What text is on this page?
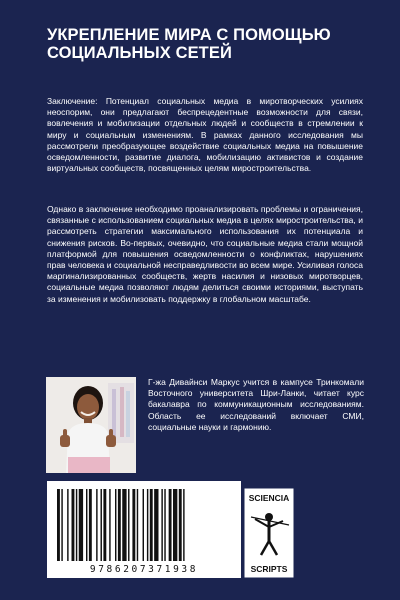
УКРЕПЛЕНИЕ МИРА С ПОМОЩЬЮ СОЦИАЛЬНЫХ СЕТЕЙ

Заключение: Потенциал социальных медиа в миротворческих усилиях неоспорим, они предлагают беспрецедентные возможности для связи, вовлечения и мобилизации отдельных людей и сообществ в стремлении к миру и социальным изменениям. В рамках данного исследования мы рассмотрели преобразующее воздействие социальных медиа на повышение осведомленности, развитие диалога, мобилизацию активистов и создание виртуальных сообществ, посвященных целям миростроительства.

Однако в заключение необходимо проанализировать проблемы и ограничения, связанные с использованием социальных медиа в целях миростроительства, и рассмотреть стратегии максимального использования их потенциала и снижения рисков. Во-первых, очевидно, что социальные медиа стали мощной платформой для повышения осведомленности о конфликтах, нарушениях прав человека и социальной несправедливости во всем мире. Усиливая голоса маргинализированных сообществ, жертв насилия и низовых миротворцев, социальные медиа позволяют людям делиться своими историями, выступать за изменения и мобилизовать поддержку в глобальном масштабе.

Г-жа Дивайнси Маркус учится в кампусе Тринкомали Восточного университета Шри-Ланки, читает курс бакалавра по коммуникационным исследованиям. Область ее исследований включает СМИ, социальные науки и гармонию.

9786207371938
SCIENCIA
SCRIPTS
